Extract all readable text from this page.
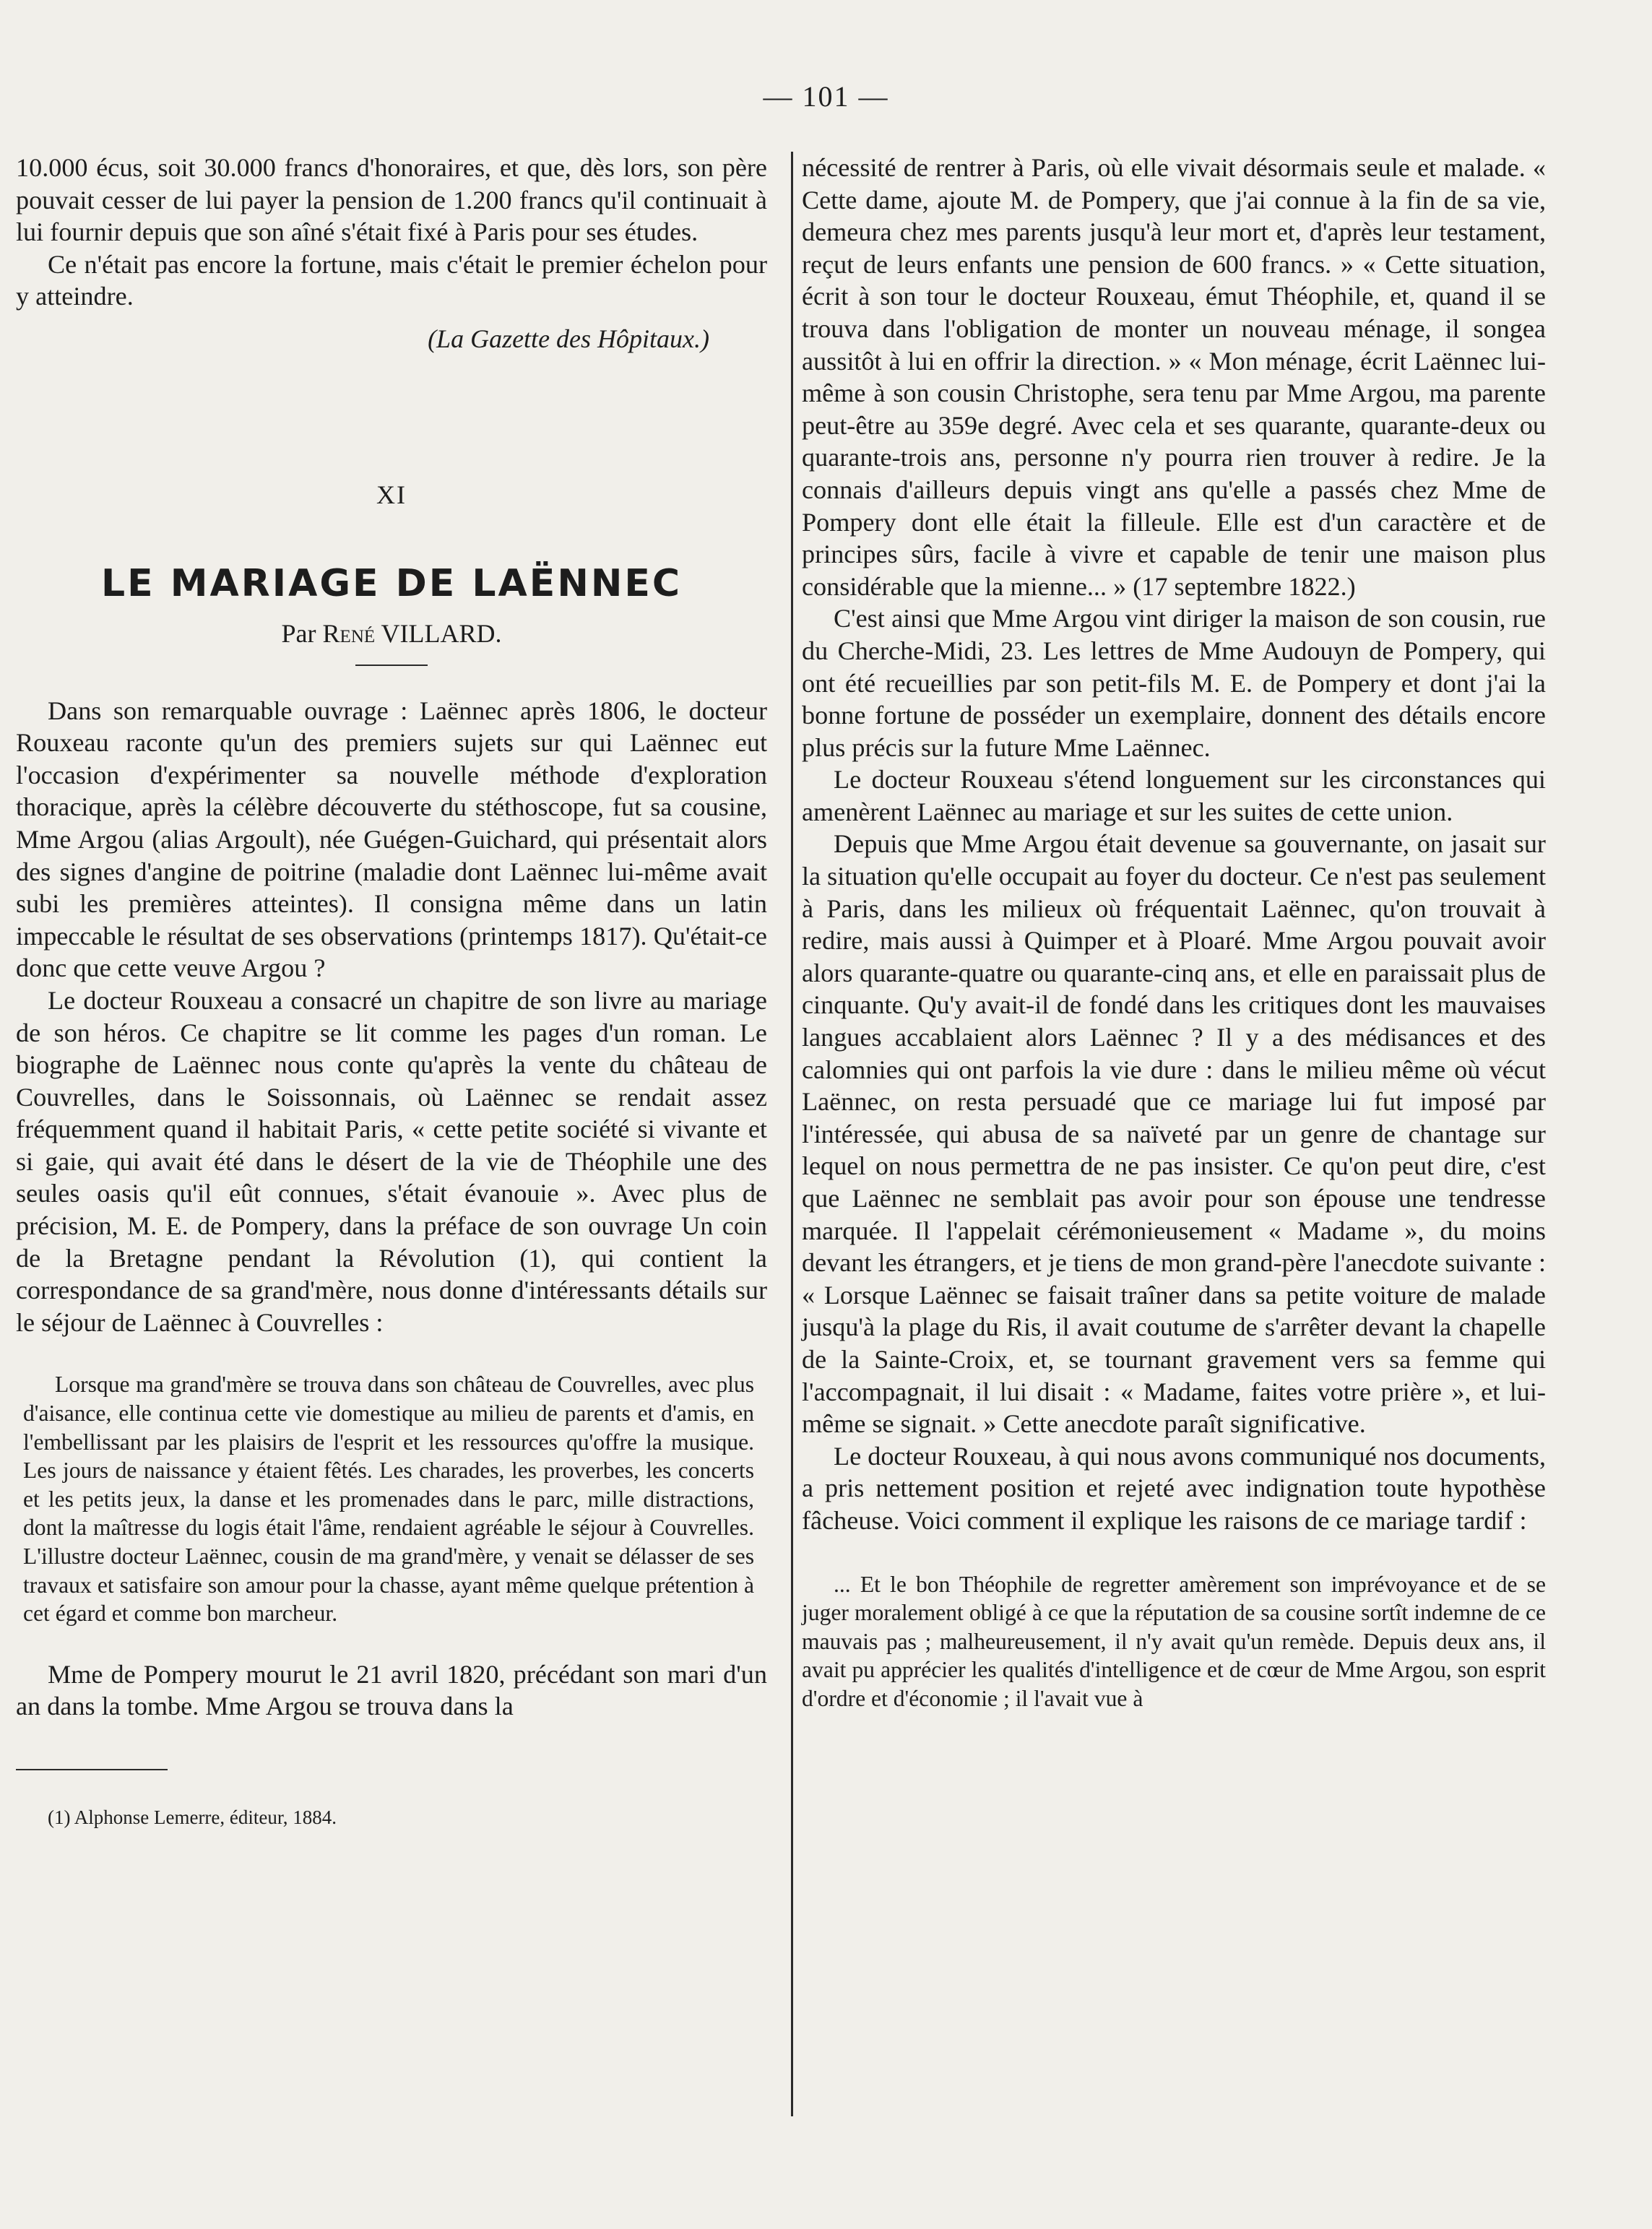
— 101 —

10.000 écus, soit 30.000 francs d'honoraires, et que, dès lors, son père pouvait cesser de lui payer la pension de 1.200 francs qu'il continuait à lui fournir depuis que son aîné s'était fixé à Paris pour ses études.

Ce n'était pas encore la fortune, mais c'était le premier échelon pour y atteindre.

(La Gazette des Hôpitaux.)

XI
LE MARIAGE DE LAËNNEC
Par René VILLARD.

Dans son remarquable ouvrage : Laënnec après 1806, le docteur Rouxeau raconte qu'un des premiers sujets sur qui Laënnec eut l'occasion d'expérimenter sa nouvelle méthode d'exploration thoracique, après la célèbre découverte du stéthoscope, fut sa cousine, Mme Argou (alias Argoult), née Guégen-Guichard, qui présentait alors des signes d'angine de poitrine (maladie dont Laënnec lui-même avait subi les premières atteintes). Il consigna même dans un latin impeccable le résultat de ses observations (printemps 1817). Qu'était-ce donc que cette veuve Argou ?

Le docteur Rouxeau a consacré un chapitre de son livre au mariage de son héros. Ce chapitre se lit comme les pages d'un roman. Le biographe de Laënnec nous conte qu'après la vente du château de Couvrelles, dans le Soissonnais, où Laënnec se rendait assez fréquemment quand il habitait Paris, « cette petite société si vivante et si gaie, qui avait été dans le désert de la vie de Théophile une des seules oasis qu'il eût connues, s'était évanouie ». Avec plus de précision, M. E. de Pompery, dans la préface de son ouvrage Un coin de la Bretagne pendant la Révolution (1), qui contient la correspondance de sa grand'mère, nous donne d'intéressants détails sur le séjour de Laënnec à Couvrelles :

Lorsque ma grand'mère se trouva dans son château de Couvrelles, avec plus d'aisance, elle continua cette vie domestique au milieu de parents et d'amis, en l'embellissant par les plaisirs de l'esprit et les ressources qu'offre la musique. Les jours de naissance y étaient fêtés. Les charades, les proverbes, les concerts et les petits jeux, la danse et les promenades dans le parc, mille distractions, dont la maîtresse du logis était l'âme, rendaient agréable le séjour à Couvrelles. L'illustre docteur Laënnec, cousin de ma grand'mère, y venait se délasser de ses travaux et satisfaire son amour pour la chasse, ayant même quelque prétention à cet égard et comme bon marcheur.

Mme de Pompery mourut le 21 avril 1820, précédant son mari d'un an dans la tombe. Mme Argou se trouva dans la

(1) Alphonse Lemerre, éditeur, 1884.

nécessité de rentrer à Paris, où elle vivait désormais seule et malade. « Cette dame, ajoute M. de Pompery, que j'ai connue à la fin de sa vie, demeura chez mes parents jusqu'à leur mort et, d'après leur testament, reçut de leurs enfants une pension de 600 francs. » « Cette situation, écrit à son tour le docteur Rouxeau, émut Théophile, et, quand il se trouva dans l'obligation de monter un nouveau ménage, il songea aussitôt à lui en offrir la direction. » « Mon ménage, écrit Laënnec lui-même à son cousin Christophe, sera tenu par Mme Argou, ma parente peut-être au 359e degré. Avec cela et ses quarante, quarante-deux ou quarante-trois ans, personne n'y pourra rien trouver à redire. Je la connais d'ailleurs depuis vingt ans qu'elle a passés chez Mme de Pompery dont elle était la filleule. Elle est d'un caractère et de principes sûrs, facile à vivre et capable de tenir une maison plus considérable que la mienne... » (17 septembre 1822.)

C'est ainsi que Mme Argou vint diriger la maison de son cousin, rue du Cherche-Midi, 23. Les lettres de Mme Audouyn de Pompery, qui ont été recueillies par son petit-fils M. E. de Pompery et dont j'ai la bonne fortune de posséder un exemplaire, donnent des détails encore plus précis sur la future Mme Laënnec.

Le docteur Rouxeau s'étend longuement sur les circonstances qui amenèrent Laënnec au mariage et sur les suites de cette union.

Depuis que Mme Argou était devenue sa gouvernante, on jasait sur la situation qu'elle occupait au foyer du docteur. Ce n'est pas seulement à Paris, dans les milieux où fréquentait Laënnec, qu'on trouvait à redire, mais aussi à Quimper et à Ploaré. Mme Argou pouvait avoir alors quarante-quatre ou quarante-cinq ans, et elle en paraissait plus de cinquante. Qu'y avait-il de fondé dans les critiques dont les mauvaises langues accablaient alors Laënnec ? Il y a des médisances et des calomnies qui ont parfois la vie dure : dans le milieu même où vécut Laënnec, on resta persuadé que ce mariage lui fut imposé par l'intéressée, qui abusa de sa naïveté par un genre de chantage sur lequel on nous permettra de ne pas insister. Ce qu'on peut dire, c'est que Laënnec ne semblait pas avoir pour son épouse une tendresse marquée. Il l'appelait cérémonieusement « Madame », du moins devant les étrangers, et je tiens de mon grand-père l'anecdote suivante : « Lorsque Laënnec se faisait traîner dans sa petite voiture de malade jusqu'à la plage du Ris, il avait coutume de s'arrêter devant la chapelle de la Sainte-Croix, et, se tournant gravement vers sa femme qui l'accompagnait, il lui disait : « Madame, faites votre prière », et lui-même se signait. » Cette anecdote paraît significative.

Le docteur Rouxeau, à qui nous avons communiqué nos documents, a pris nettement position et rejeté avec indignation toute hypothèse fâcheuse. Voici comment il explique les raisons de ce mariage tardif :

... Et le bon Théophile de regretter amèrement son imprévoyance et de se juger moralement obligé à ce que la réputation de sa cousine sortît indemne de ce mauvais pas ; malheureusement, il n'y avait qu'un remède. Depuis deux ans, il avait pu apprécier les qualités d'intelligence et de cœur de Mme Argou, son esprit d'ordre et d'économie ; il l'avait vue à
